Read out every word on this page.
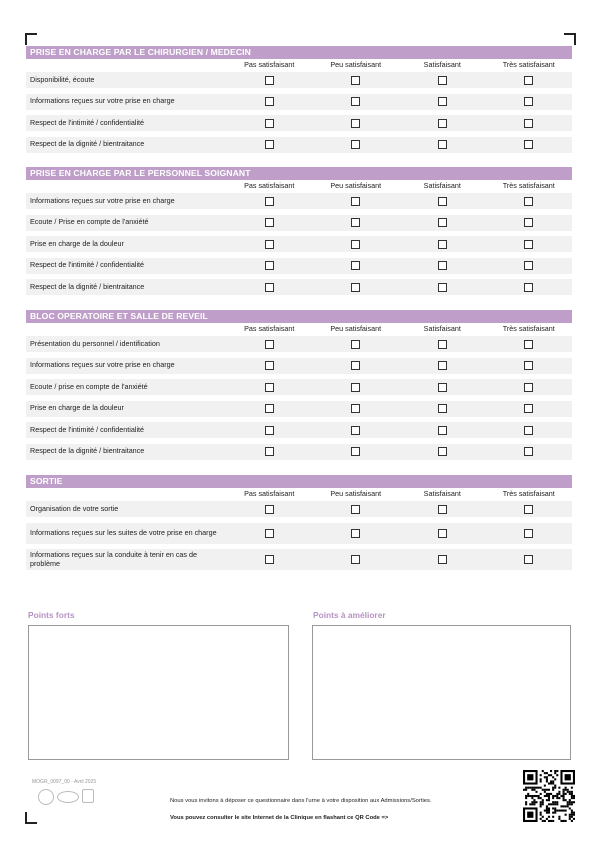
PRISE EN CHARGE PAR LE CHIRURGIEN / MEDECIN
Pas satisfaisant	Peu satisfaisant	Satisfaisant	Très satisfaisant
Disponibilité, écoute
Informations reçues sur votre prise en charge
Respect de l'intimité / confidentialité
Respect de la dignité / bientraitance
PRISE EN CHARGE PAR LE PERSONNEL SOIGNANT
Pas satisfaisant	Peu satisfaisant	Satisfaisant	Très satisfaisant
Informations reçues sur votre prise en charge
Ecoute / Prise en compte de l'anxiété
Prise en charge de la douleur
Respect de l'intimité / confidentialité
Respect de la dignité / bientraitance
BLOC OPERATOIRE ET SALLE DE REVEIL
Pas satisfaisant	Peu satisfaisant	Satisfaisant	Très satisfaisant
Présentation du personnel / identification
Informations reçues sur votre prise en charge
Ecoute / prise en compte de l'anxiété
Prise en charge de la douleur
Respect de l'intimité / confidentialité
Respect de la dignité / bientraitance
SORTIE
Pas satisfaisant	Peu satisfaisant	Satisfaisant	Très satisfaisant
Organisation de votre sortie
Informations reçues sur les suites de votre prise en charge
Informations reçues sur la conduite à tenir en cas de problème
Points forts	Points à améliorer
MOGR_0097_00 - Avril 2025
Nous vous invitons à déposer ce questionnaire dans l'urne à votre disposition aux Admissions/Sorties.
Vous pouvez consulter le site Internet de la Clinique en flashant ce QR Code =>
